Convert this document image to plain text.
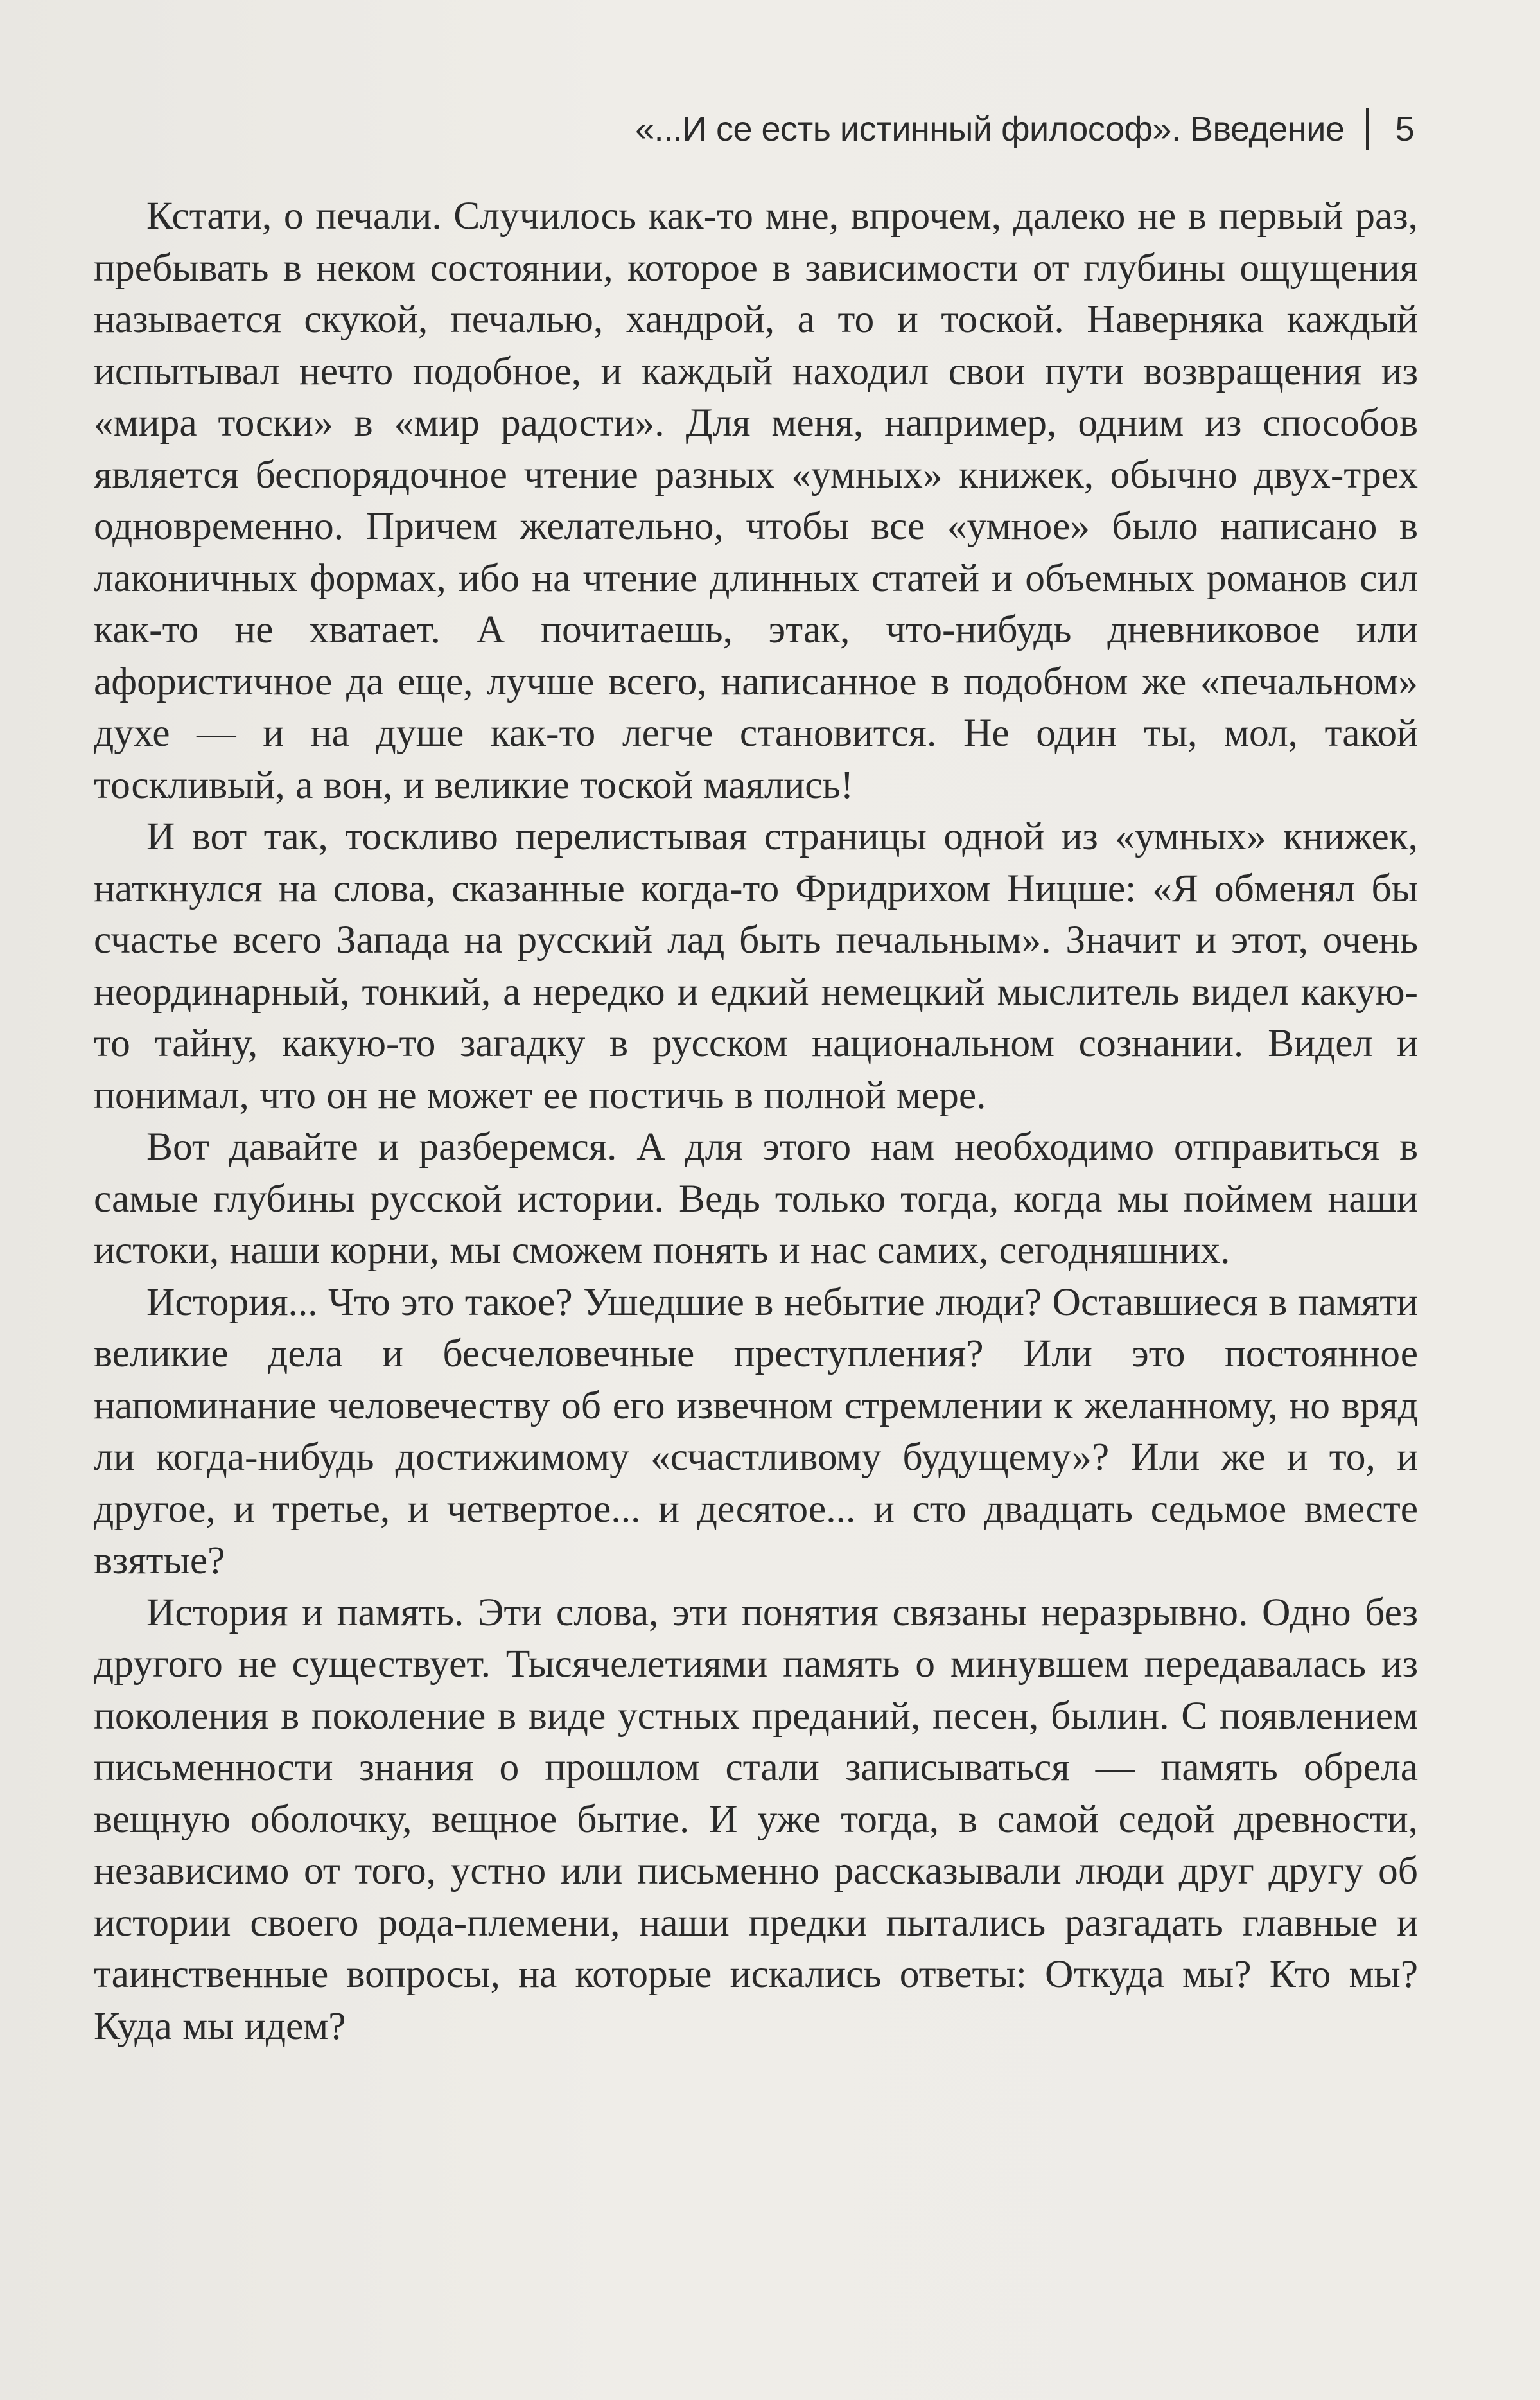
«...И се есть истинный философ». Введение 5

Кстати, о печали. Случилось как-то мне, впрочем, далеко не в первый раз, пребывать в неком состоянии, которое в зависимости от глубины ощущения называется скукой, печалью, хандрой, а то и тоской. Наверняка каждый испытывал нечто подобное, и каждый находил свои пути возвращения из «мира тоски» в «мир радости». Для меня, например, одним из способов является беспорядочное чтение разных «умных» книжек, обычно двух-трех одновременно. Причем желательно, чтобы все «умное» было написано в лаконичных формах, ибо на чтение длинных статей и объемных романов сил как-то не хватает. А почитаешь, этак, что-нибудь дневниковое или афористичное да еще, лучше всего, написанное в подобном же «печальном» духе — и на душе как-то легче становится. Не один ты, мол, такой тоскливый, а вон, и великие тоской маялись!

И вот так, тоскливо перелистывая страницы одной из «умных» книжек, наткнулся на слова, сказанные когда-то Фридрихом Ницше: «Я обменял бы счастье всего Запада на русский лад быть печальным». Значит и этот, очень неординарный, тонкий, а нередко и едкий немецкий мыслитель видел какую-то тайну, какую-то загадку в русском национальном сознании. Видел и понимал, что он не может ее постичь в полной мере.

Вот давайте и разберемся. А для этого нам необходимо отправиться в самые глубины русской истории. Ведь только тогда, когда мы поймем наши истоки, наши корни, мы сможем понять и нас самих, сегодняшних.

История... Что это такое? Ушедшие в небытие люди? Оставшиеся в памяти великие дела и бесчеловечные преступления? Или это постоянное напоминание человечеству об его извечном стремлении к желанному, но вряд ли когда-нибудь достижимому «счастливому будущему»? Или же и то, и другое, и третье, и четвертое... и десятое... и сто двадцать седьмое вместе взятые?

История и память. Эти слова, эти понятия связаны неразрывно. Одно без другого не существует. Тысячелетиями память о минувшем передавалась из поколения в поколение в виде устных преданий, песен, былин. С появлением письменности знания о прошлом стали записываться — память обрела вещную оболочку, вещное бытие. И уже тогда, в самой седой древности, независимо от того, устно или письменно рассказывали люди друг другу об истории своего рода-племени, наши предки пытались разгадать главные и таинственные вопросы, на которые искались ответы: Откуда мы? Кто мы? Куда мы идем?
